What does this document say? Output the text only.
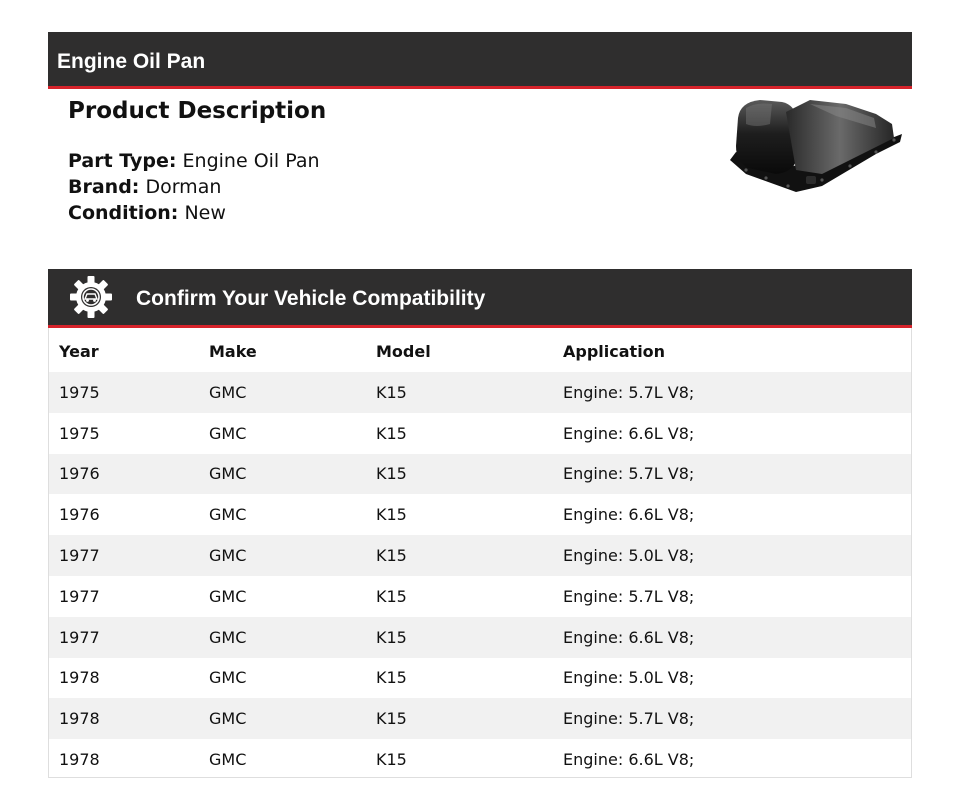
Engine Oil Pan
Product Description
Part Type: Engine Oil Pan
Brand: Dorman
Condition: New
Confirm Your Vehicle Compatibility
Year	Make	Model	Application
1975	GMC	K15	Engine: 5.7L V8;
1975	GMC	K15	Engine: 6.6L V8;
1976	GMC	K15	Engine: 5.7L V8;
1976	GMC	K15	Engine: 6.6L V8;
1977	GMC	K15	Engine: 5.0L V8;
1977	GMC	K15	Engine: 5.7L V8;
1977	GMC	K15	Engine: 6.6L V8;
1978	GMC	K15	Engine: 5.0L V8;
1978	GMC	K15	Engine: 5.7L V8;
1978	GMC	K15	Engine: 6.6L V8;
